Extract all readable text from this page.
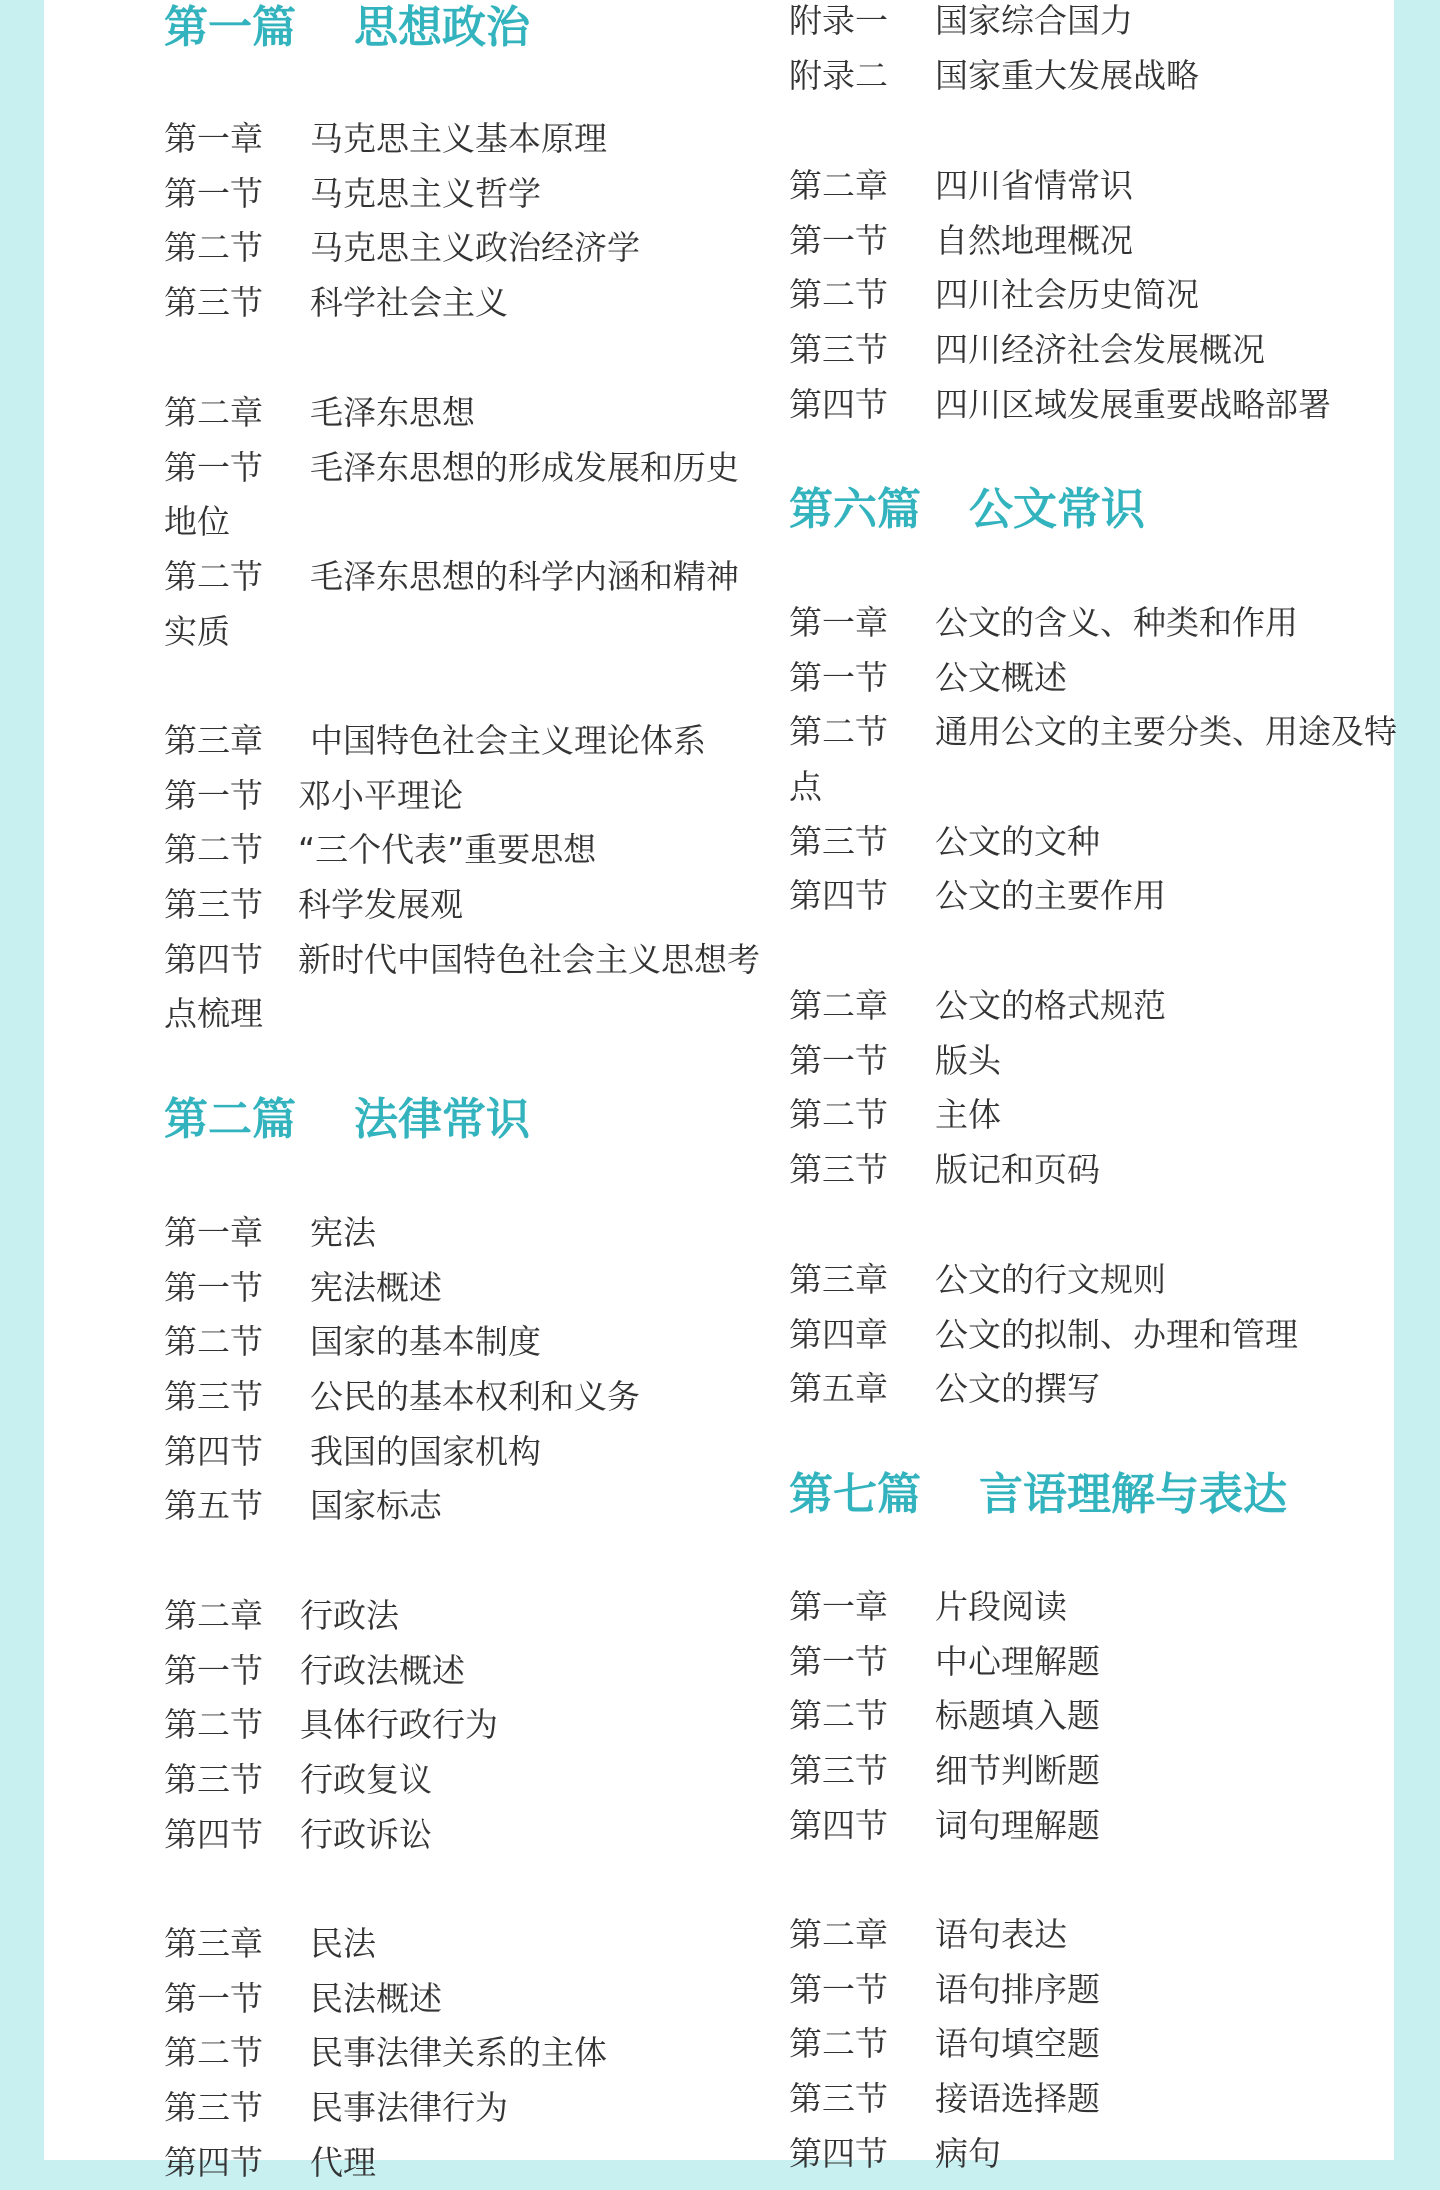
第一篇 思想政治
第一章 马克思主义基本原理
第一节 马克思主义哲学
第二节 马克思主义政治经济学
第三节 科学社会主义
第二章 毛泽东思想
第一节 毛泽东思想的形成发展和历史地位
第二节 毛泽东思想的科学内涵和精神实质
第三章 中国特色社会主义理论体系
第一节 邓小平理论
第二节 “三个代表”重要思想
第三节 科学发展观
第四节 新时代中国特色社会主义思想考点梳理
第二篇 法律常识
第一章 宪法
第一节 宪法概述
第二节 国家的基本制度
第三节 公民的基本权利和义务
第四节 我国的国家机构
第五节 国家标志
第二章 行政法
第一节 行政法概述
第二节 具体行政行为
第三节 行政复议
第四节 行政诉讼
第三章 民法
第一节 民法概述
第二节 民事法律关系的主体
第三节 民事法律行为
第四节 代理
附录一 国家综合国力
附录二 国家重大发展战略
第二章 四川省情常识
第一节 自然地理概况
第二节 四川社会历史简况
第三节 四川经济社会发展概况
第四节 四川区域发展重要战略部署
第六篇 公文常识
第一章 公文的含义、种类和作用
第一节 公文概述
第二节 通用公文的主要分类、用途及特点
第三节 公文的文种
第四节 公文的主要作用
第二章 公文的格式规范
第一节 版头
第二节 主体
第三节 版记和页码
第三章 公文的行文规则
第四章 公文的拟制、办理和管理
第五章 公文的撰写
第七篇 言语理解与表达
第一章 片段阅读
第一节 中心理解题
第二节 标题填入题
第三节 细节判断题
第四节 词句理解题
第二章 语句表达
第一节 语句排序题
第二节 语句填空题
第三节 接语选择题
第四节 病句
